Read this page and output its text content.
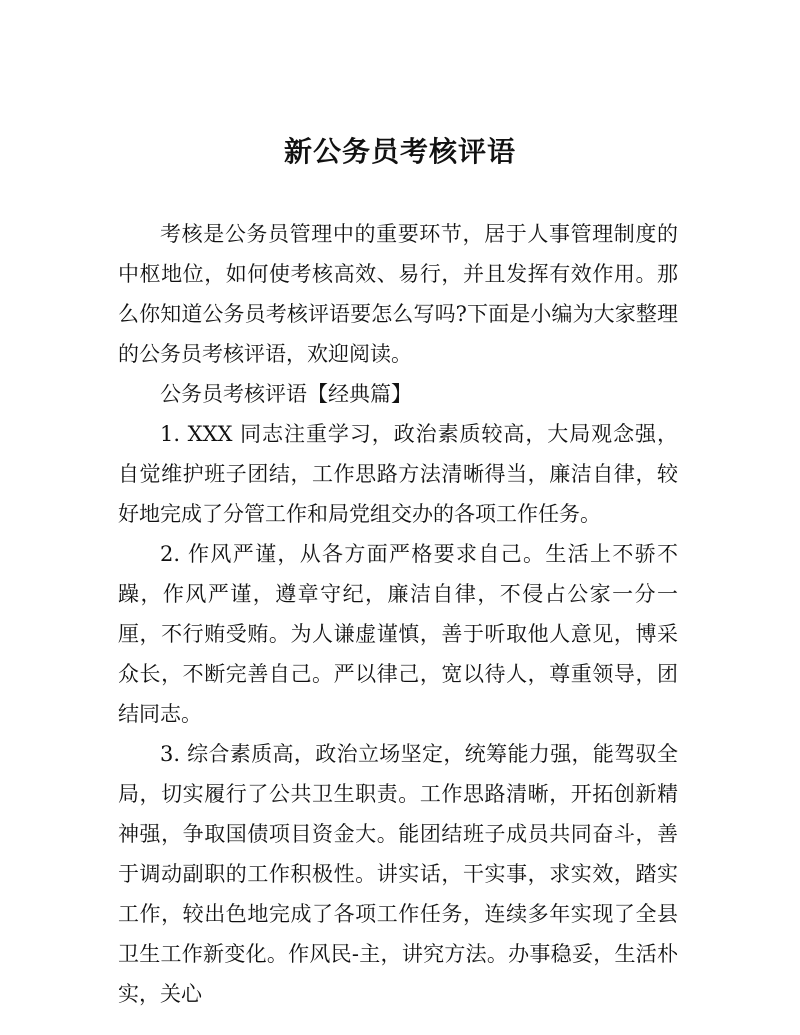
新公务员考核评语

考核是公务员管理中的重要环节，居于人事管理制度的中枢地位，如何使考核高效、易行，并且发挥有效作用。那么你知道公务员考核评语要怎么写吗?下面是小编为大家整理的公务员考核评语，欢迎阅读。

公务员考核评语【经典篇】

1. XXX 同志注重学习，政治素质较高，大局观念强，自觉维护班子团结，工作思路方法清晰得当，廉洁自律，较好地完成了分管工作和局党组交办的各项工作任务。

2. 作风严谨，从各方面严格要求自己。生活上不骄不躁，作风严谨，遵章守纪，廉洁自律，不侵占公家一分一厘，不行贿受贿。为人谦虚谨慎，善于听取他人意见，博采众长，不断完善自己。严以律己，宽以待人，尊重领导，团结同志。

3. 综合素质高，政治立场坚定，统筹能力强，能驾驭全局，切实履行了公共卫生职责。工作思路清晰，开拓创新精神强，争取国债项目资金大。能团结班子成员共同奋斗，善于调动副职的工作积极性。讲实话，干实事，求实效，踏实工作，较出色地完成了各项工作任务，连续多年实现了全县卫生工作新变化。作风民-主，讲究方法。办事稳妥，生活朴实，关心
